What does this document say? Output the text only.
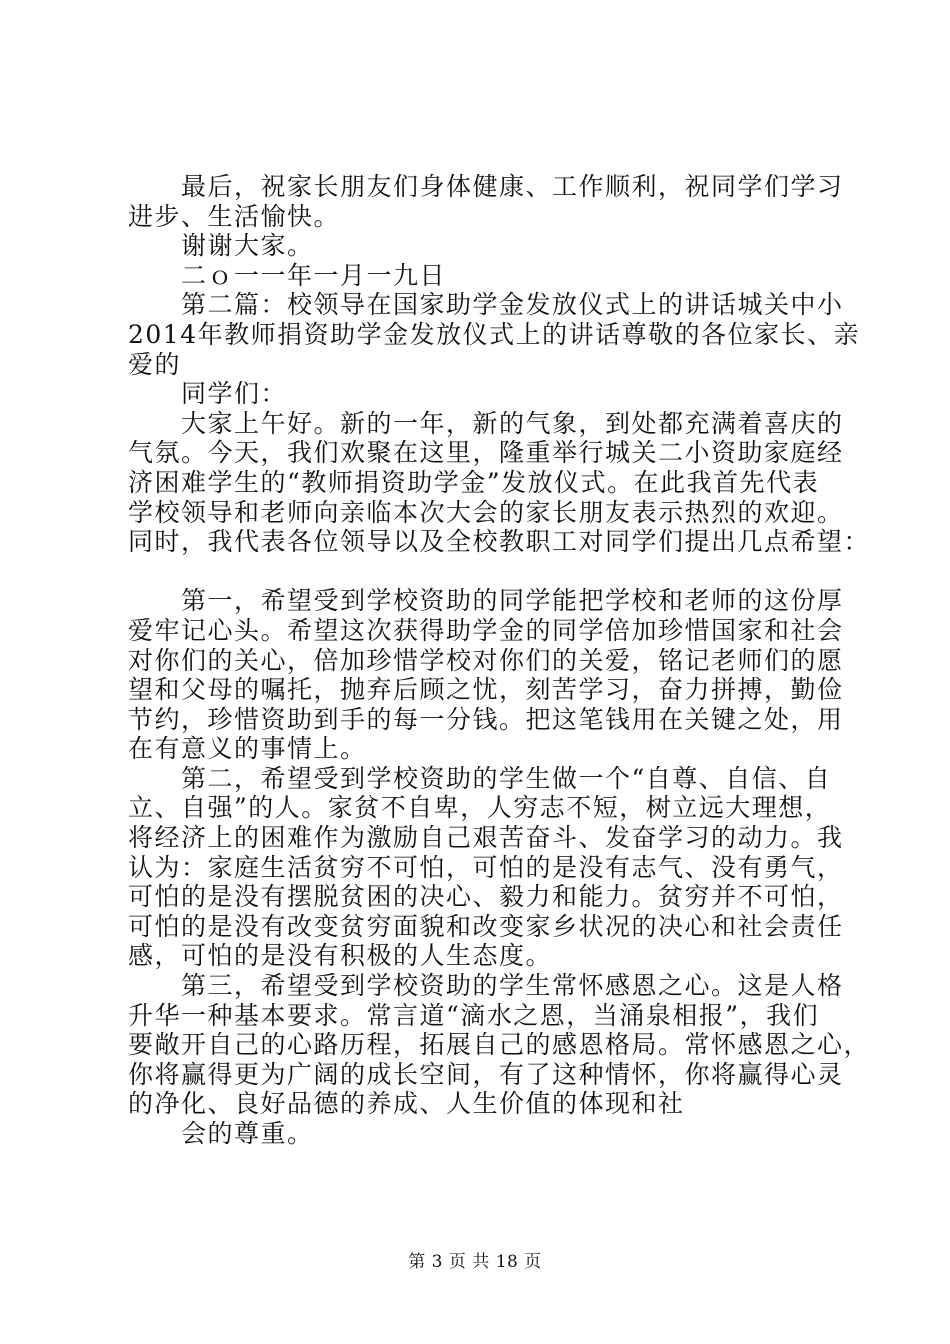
　　最后，祝家长朋友们身体健康、工作顺利，祝同学们学习
进步、生活愉快。
　　谢谢大家。
　　二ｏ一一年一月一九日
　　第二篇：校领导在国家助学金发放仪式上的讲话城关中小
2014年教师捐资助学金发放仪式上的讲话尊敬的各位家长、亲
爱的
　　同学们：
　　大家上午好。新的一年，新的气象，到处都充满着喜庆的
气氛。今天，我们欢聚在这里，隆重举行城关二小资助家庭经
济困难学生的“教师捐资助学金”发放仪式。在此我首先代表
学校领导和老师向亲临本次大会的家长朋友表示热烈的欢迎。
同时，我代表各位领导以及全校教职工对同学们提出几点希望：
　　第一，希望受到学校资助的同学能把学校和老师的这份厚
爱牢记心头。希望这次获得助学金的同学倍加珍惜国家和社会
对你们的关心，倍加珍惜学校对你们的关爱，铭记老师们的愿
望和父母的嘱托，抛弃后顾之忧，刻苦学习，奋力拼搏，勤俭
节约，珍惜资助到手的每一分钱。把这笔钱用在关键之处，用
在有意义的事情上。
　　第二，希望受到学校资助的学生做一个“自尊、自信、自
立、自强”的人。家贫不自卑，人穷志不短，树立远大理想，
将经济上的困难作为激励自己艰苦奋斗、发奋学习的动力。我
认为：家庭生活贫穷不可怕，可怕的是没有志气、没有勇气，
可怕的是没有摆脱贫困的决心、毅力和能力。贫穷并不可怕，
可怕的是没有改变贫穷面貌和改变家乡状况的决心和社会责任
感，可怕的是没有积极的人生态度。
　　第三，希望受到学校资助的学生常怀感恩之心。这是人格
升华一种基本要求。常言道“滴水之恩，当涌泉相报”，我们
要敞开自己的心路历程，拓展自己的感恩格局。常怀感恩之心，
你将赢得更为广阔的成长空间，有了这种情怀，你将赢得心灵
的净化、良好品德的养成、人生价值的体现和社
　　会的尊重。
第 3 页 共 18 页
